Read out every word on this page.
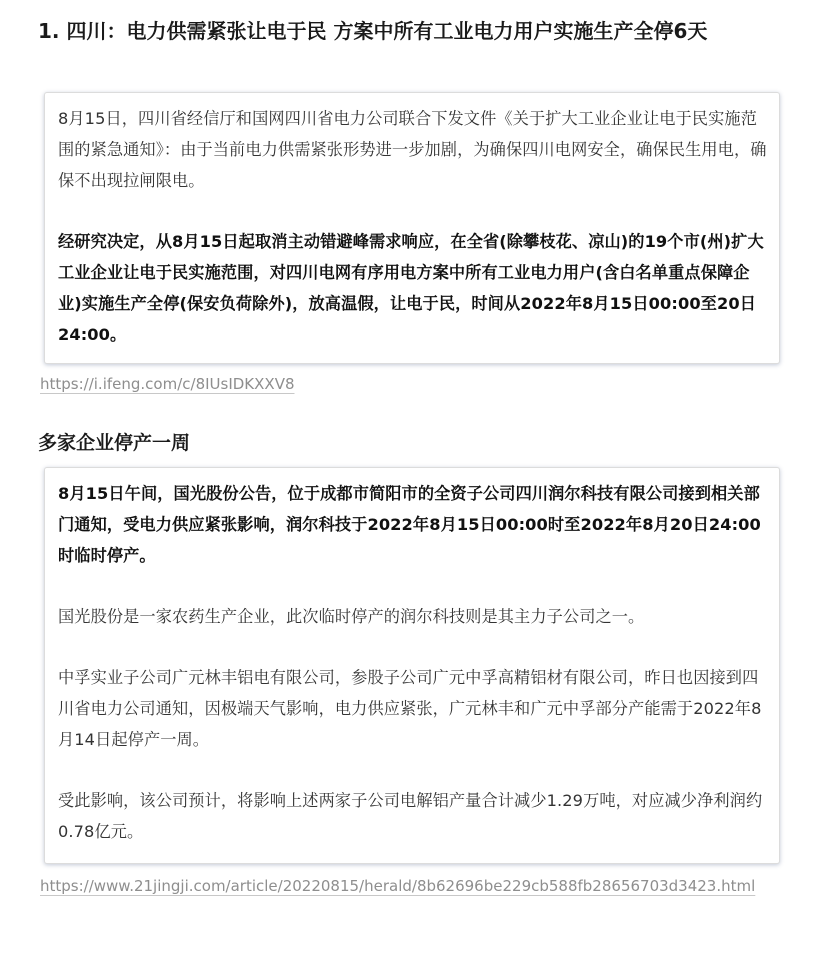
1. 四川：电力供需紧张让电于民 方案中所有工业电力用户实施生产全停6天

8月15日，四川省经信厅和国网四川省电力公司联合下发文件《关于扩大工业企业让电于民实施范围的紧急通知》：由于当前电力供需紧张形势进一步加剧，为确保四川电网安全，确保民生用电，确保不出现拉闸限电。

经研究决定，从8月15日起取消主动错避峰需求响应，在全省(除攀枝花、凉山)的19个市(州)扩大工业企业让电于民实施范围，对四川电网有序用电方案中所有工业电力用户(含白名单重点保障企业)实施生产全停(保安负荷除外)，放高温假，让电于民，时间从2022年8月15日00:00至20日24:00。

https://i.ifeng.com/c/8IUsIDKXXV8
多家企业停产一周

8月15日午间，国光股份公告，位于成都市简阳市的全资子公司四川润尔科技有限公司接到相关部门通知，受电力供应紧张影响，润尔科技于2022年8月15日00:00时至2022年8月20日24:00时临时停产。

国光股份是一家农药生产企业，此次临时停产的润尔科技则是其主力子公司之一。

中孚实业子公司广元林丰铝电有限公司，参股子公司广元中孚高精铝材有限公司，昨日也因接到四川省电力公司通知，因极端天气影响，电力供应紧张，广元林丰和广元中孚部分产能需于2022年8月14日起停产一周。

受此影响，该公司预计，将影响上述两家子公司电解铝产量合计减少1.29万吨，对应减少净利润约0.78亿元。

https://www.21jingji.com/article/20220815/herald/8b62696be229cb588fb28656703d3423.html
